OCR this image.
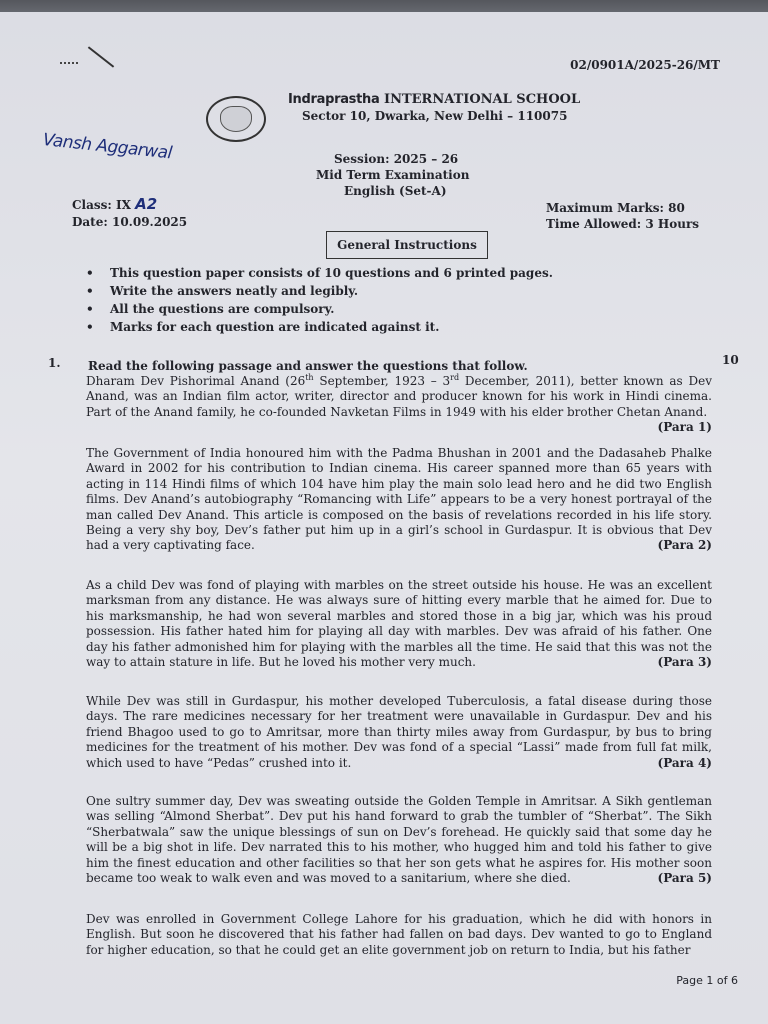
02/0901A/2025-26/MT
Indraprastha INTERNATIONAL SCHOOL
Sector 10, Dwarka, New Delhi – 110075
Vansh Aggarwal	Session: 2025 – 26
Mid Term Examination
English (Set-A)
Class: IX A2
Date: 10.09.2025
Maximum Marks: 80
Time Allowed: 3 Hours
General Instructions
• This question paper consists of 10 questions and 6 printed pages.
• Write the answers neatly and legibly.
• All the questions are compulsory.
• Marks for each question are indicated against it.
1.	10
Read the following passage and answer the questions that follow.

Dharam Dev Pishorimal Anand (26th September, 1923 – 3rd December, 2011), better known as Dev Anand, was an Indian film actor, writer, director and producer known for his work in Hindi cinema. Part of the Anand family, he co-founded Navketan Films in 1949 with his elder brother Chetan Anand.
(Para 1)

The Government of India honoured him with the Padma Bhushan in 2001 and the Dadasaheb Phalke Award in 2002 for his contribution to Indian cinema. His career spanned more than 65 years with acting in 114 Hindi films of which 104 have him play the main solo lead hero and he did two English films. Dev Anand’s autobiography “Romancing with Life” appears to be a very honest portrayal of the man called Dev Anand. This article is composed on the basis of revelations recorded in his life story. Being a very shy boy, Dev’s father put him up in a girl’s school in Gurdaspur. It is obvious that Dev had a very captivating face.	(Para 2)

As a child Dev was fond of playing with marbles on the street outside his house. He was an excellent marksman from any distance. He was always sure of hitting every marble that he aimed for. Due to his marksmanship, he had won several marbles and stored those in a big jar, which was his proud possession. His father hated him for playing all day with marbles. Dev was afraid of his father. One day his father admonished him for playing with the marbles all the time. He said that this was not the way to attain stature in life. But he loved his mother very much.	(Para 3)

While Dev was still in Gurdaspur, his mother developed Tuberculosis, a fatal disease during those days. The rare medicines necessary for her treatment were unavailable in Gurdaspur. Dev and his friend Bhagoo used to go to Amritsar, more than thirty miles away from Gurdaspur, by bus to bring medicines for the treatment of his mother. Dev was fond of a special “Lassi” made from full fat milk, which used to have “Pedas” crushed into it.	(Para 4)

One sultry summer day, Dev was sweating outside the Golden Temple in Amritsar. A Sikh gentleman was selling “Almond Sherbat”. Dev put his hand forward to grab the tumbler of “Sherbat”. The Sikh “Sherbatwala” saw the unique blessings of sun on Dev’s forehead. He quickly said that some day he will be a big shot in life. Dev narrated this to his mother, who hugged him and told his father to give him the finest education and other facilities so that her son gets what he aspires for. His mother soon became too weak to walk even and was moved to a sanitarium, where she died.	(Para 5)

Dev was enrolled in Government College Lahore for his graduation, which he did with honors in English. But soon he discovered that his father had fallen on bad days. Dev wanted to go to England for higher education, so that he could get an elite government job on return to India, but his father

Page 1 of 6
